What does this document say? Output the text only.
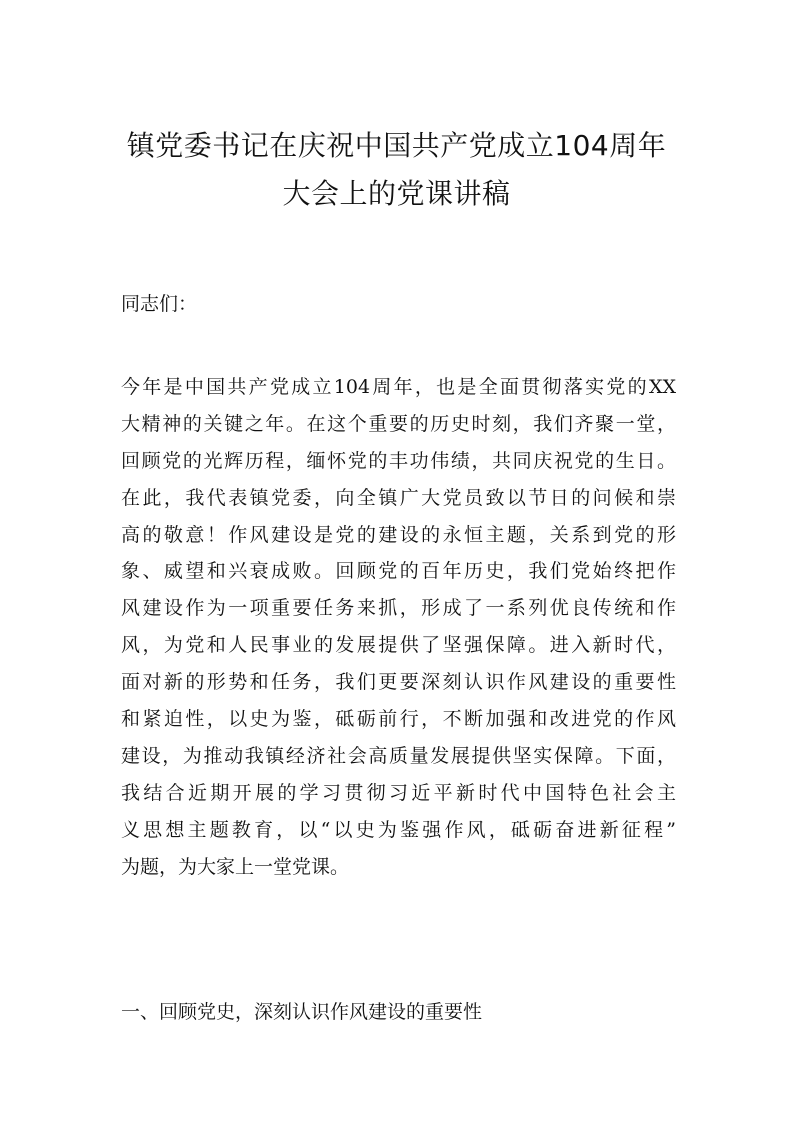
镇党委书记在庆祝中国共产党成立104周年
大会上的党课讲稿
同志们：
今年是中国共产党成立104周年，也是全面贯彻落实党的XX
大精神的关键之年。在这个重要的历史时刻，我们齐聚一堂，
回顾党的光辉历程，缅怀党的丰功伟绩，共同庆祝党的生日。
在此，我代表镇党委，向全镇广大党员致以节日的问候和崇
高的敬意！作风建设是党的建设的永恒主题，关系到党的形
象、威望和兴衰成败。回顾党的百年历史，我们党始终把作
风建设作为一项重要任务来抓，形成了一系列优良传统和作
风，为党和人民事业的发展提供了坚强保障。进入新时代，
面对新的形势和任务，我们更要深刻认识作风建设的重要性
和紧迫性，以史为鉴，砥砺前行，不断加强和改进党的作风
建设，为推动我镇经济社会高质量发展提供坚实保障。下面，
我结合近期开展的学习贯彻习近平新时代中国特色社会主
义思想主题教育，以“以史为鉴强作风，砥砺奋进新征程”
为题，为大家上一堂党课。
一、回顾党史，深刻认识作风建设的重要性
